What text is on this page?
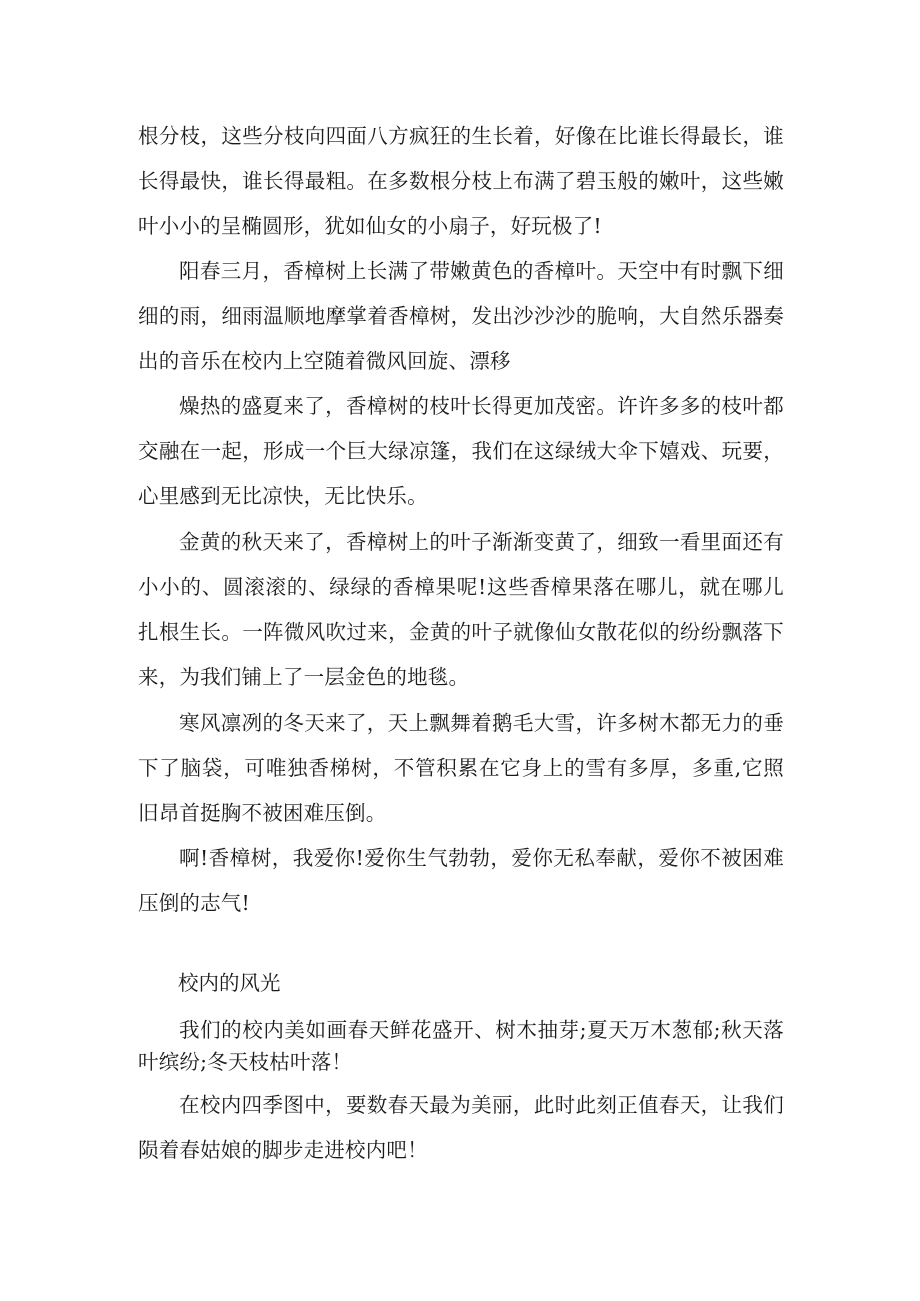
根分枝，这些分枝向四面八方疯狂的生长着，好像在比谁长得最长，谁长得最快，谁长得最粗。在多数根分枝上布满了碧玉般的嫩叶，这些嫩叶小小的呈椭圆形，犹如仙女的小扇子，好玩极了!

阳春三月，香樟树上长满了带嫩黄色的香樟叶。天空中有时飘下细细的雨，细雨温顺地摩掌着香樟树，发出沙沙沙的脆响，大自然乐器奏出的音乐在校内上空随着微风回旋、漂移

燥热的盛夏来了，香樟树的枝叶长得更加茂密。许许多多的枝叶都交融在一起，形成一个巨大绿凉篷，我们在这绿绒大伞下嬉戏、玩要，心里感到无比凉快，无比快乐。

金黄的秋天来了，香樟树上的叶子渐渐变黄了，细致一看里面还有小小的、圆滚滚的、绿绿的香樟果呢!这些香樟果落在哪儿，就在哪儿扎根生长。一阵微风吹过来，金黄的叶子就像仙女散花似的纷纷飘落下来，为我们铺上了一层金色的地毯。

寒风凛冽的冬天来了，天上飘舞着鹅毛大雪，许多树木都无力的垂下了脑袋，可唯独香梯树，不管积累在它身上的雪有多厚，多重,它照旧昂首挺胸不被困难压倒。

啊!香樟树，我爱你!爱你生气勃勃，爱你无私奉献，爱你不被困难压倒的志气!

校内的风光

我们的校内美如画春天鲜花盛开、树木抽芽;夏天万木葱郁;秋天落叶缤纷;冬天枝枯叶落！

在校内四季图中，要数春天最为美丽，此时此刻正值春天，让我们陨着春姑娘的脚步走进校内吧！
